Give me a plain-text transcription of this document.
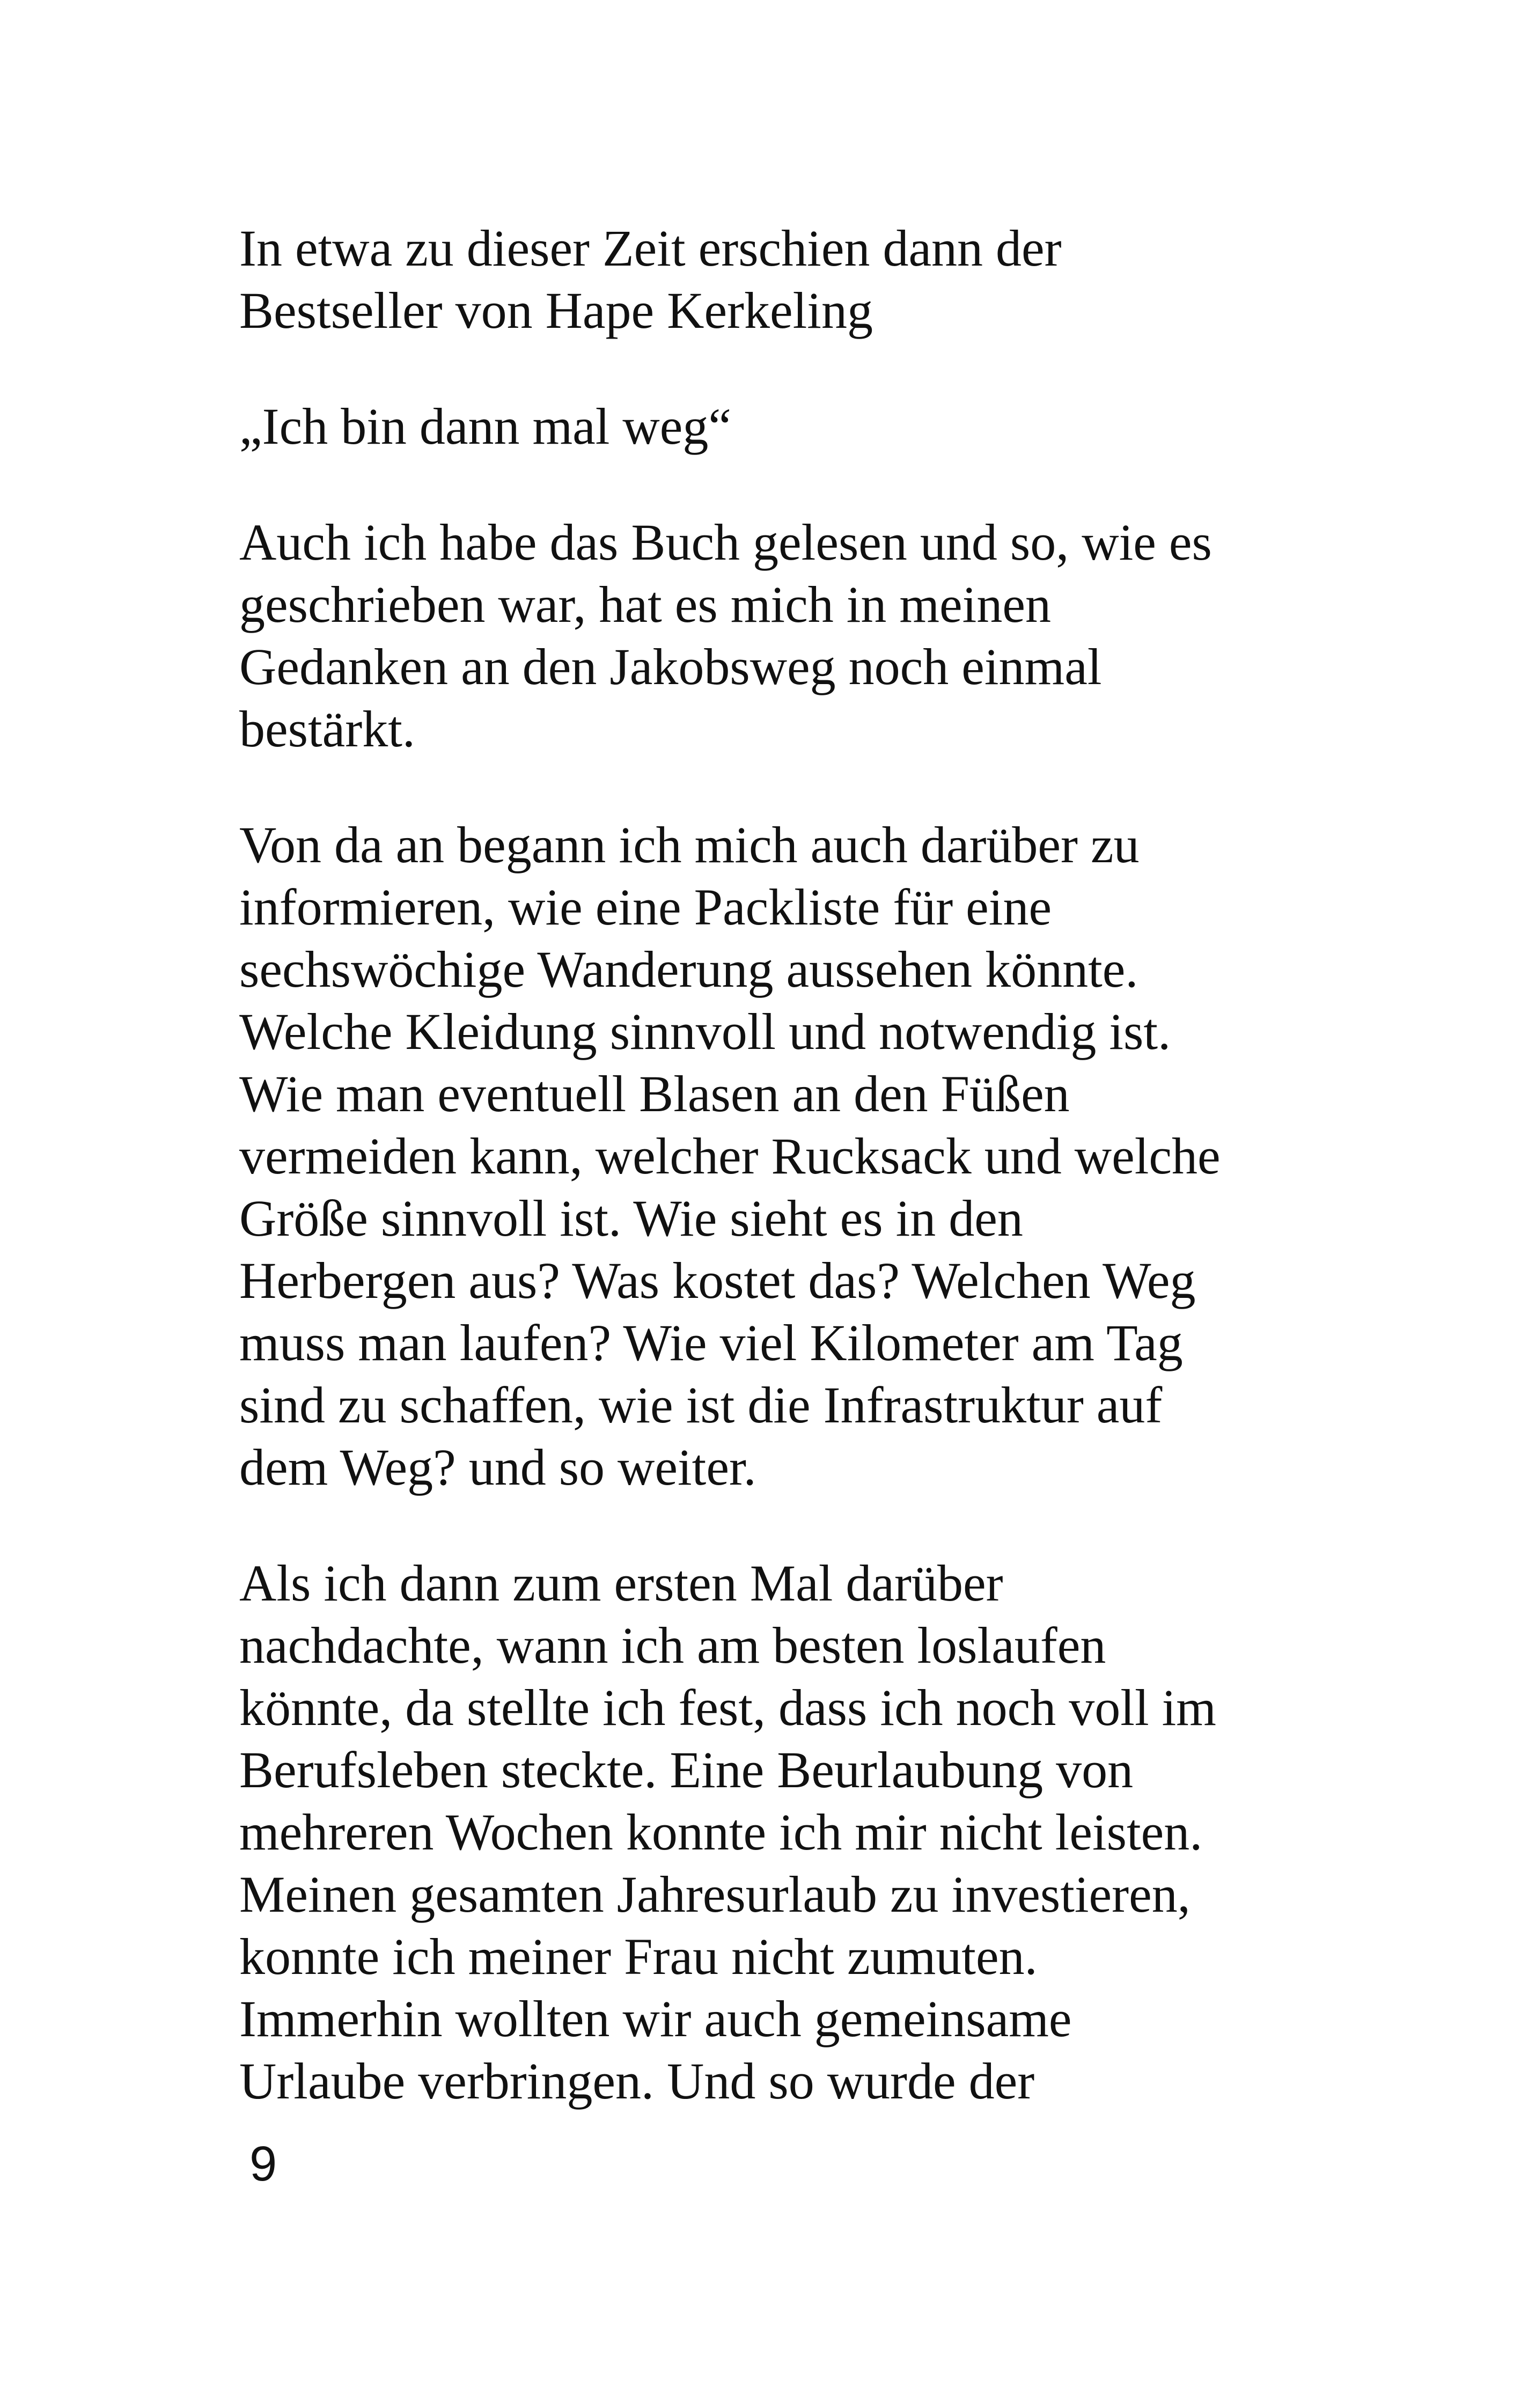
In etwa zu dieser Zeit erschien dann der
Bestseller von Hape Kerkeling

„Ich bin dann mal weg“

Auch ich habe das Buch gelesen und so, wie es
geschrieben war, hat es mich in meinen
Gedanken an den Jakobsweg noch einmal
bestärkt.

Von da an begann ich mich auch darüber zu
informieren, wie eine Packliste für eine
sechswöchige Wanderung aussehen könnte.
Welche Kleidung sinnvoll und notwendig ist.
Wie man eventuell Blasen an den Füßen
vermeiden kann, welcher Rucksack und welche
Größe sinnvoll ist. Wie sieht es in den
Herbergen aus? Was kostet das? Welchen Weg
muss man laufen? Wie viel Kilometer am Tag
sind zu schaffen, wie ist die Infrastruktur auf
dem Weg? und so weiter.

Als ich dann zum ersten Mal darüber
nachdachte, wann ich am besten loslaufen
könnte, da stellte ich fest, dass ich noch voll im
Berufsleben steckte. Eine Beurlaubung von
mehreren Wochen konnte ich mir nicht leisten.
Meinen gesamten Jahresurlaub zu investieren,
konnte ich meiner Frau nicht zumuten.
Immerhin wollten wir auch gemeinsame
Urlaube verbringen. Und so wurde der

9
